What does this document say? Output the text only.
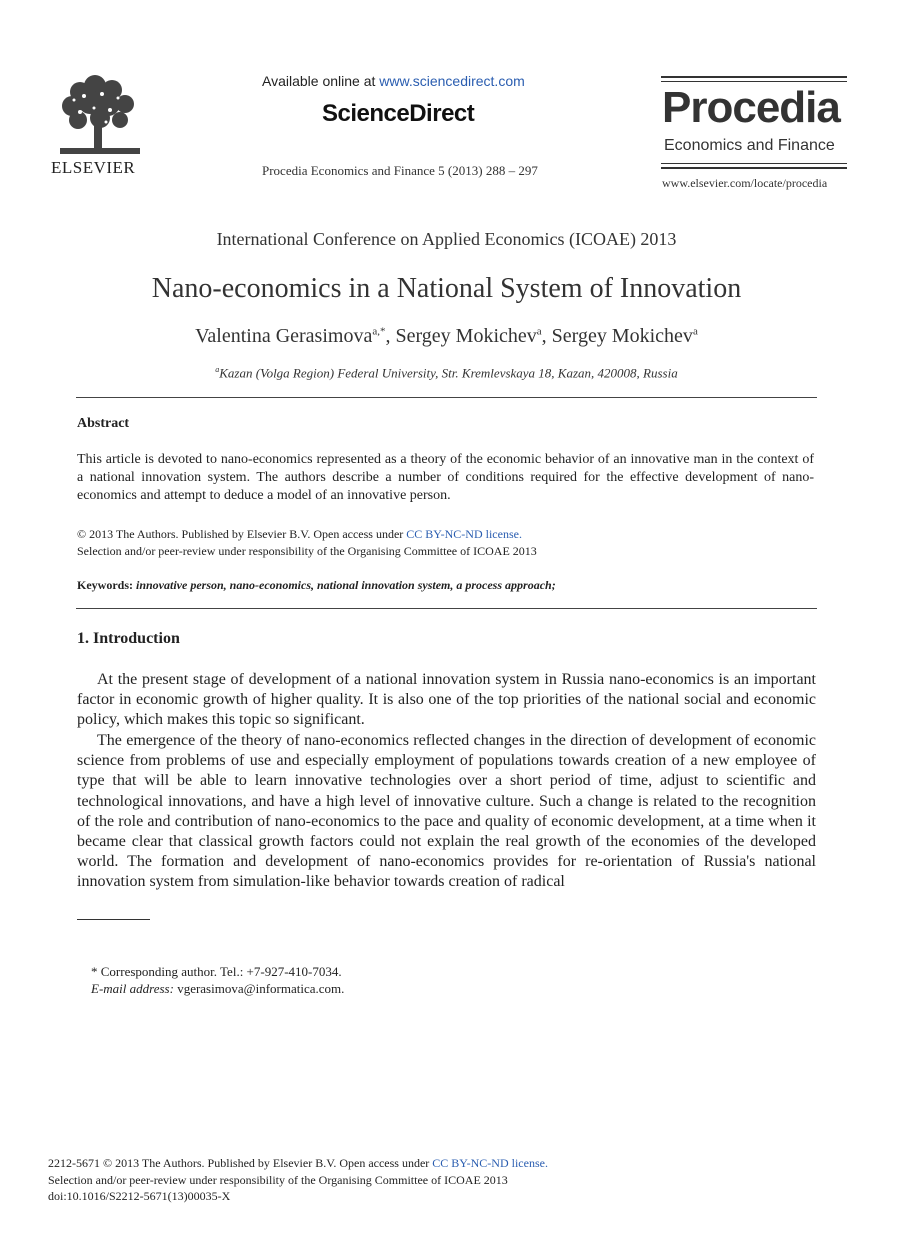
ELSEVIER
Available online at www.sciencedirect.com
ScienceDirect
Procedia Economics and Finance 5 (2013) 288 – 297
Procedia
Economics and Finance
www.elsevier.com/locate/procedia
International Conference on Applied Economics (ICOAE) 2013
Nano-economics in a National System of Innovation
Valentina Gerasimova$^{a,*}$, Sergey Mokichev$^a$, Sergey Mokichev$^a$
$^a$Kazan (Volga Region) Federal University, Str. Kremlevskaya 18, Kazan, 420008, Russia
Abstract
This article is devoted to nano-economics represented as a theory of the economic behavior of an innovative man in the context of a national innovation system. The authors describe a number of conditions required for the effective development of nano-economics and attempt to deduce a model of an innovative person.
© 2013 The Authors. Published by Elsevier B.V. Open access under CC BY-NC-ND license.
Selection and/or peer-review under responsibility of the Organising Committee of ICOAE 2013
Keywords: innovative person, nano-economics, national innovation system, a process approach;
1. Introduction
At the present stage of development of a national innovation system in Russia nano-economics is an important factor in economic growth of higher quality. It is also one of the top priorities of the national social and economic policy, which makes this topic so significant.
The emergence of the theory of nano-economics reflected changes in the direction of development of economic science from problems of use and especially employment of populations towards creation of a new employee of type that will be able to learn innovative technologies over a short period of time, adjust to scientific and technological innovations, and have a high level of innovative culture. Such a change is related to the recognition of the role and contribution of nano-economics to the pace and quality of economic development, at a time when it became clear that classical growth factors could not explain the real growth of the economies of the developed world. The formation and development of nano-economics provides for re-orientation of Russia's national innovation system from simulation-like behavior towards creation of radical
* Corresponding author. Tel.: +7-927-410-7034.
E-mail address: vgerasimova@informatica.com.
2212-5671 © 2013 The Authors. Published by Elsevier B.V. Open access under CC BY-NC-ND license.
Selection and/or peer-review under responsibility of the Organising Committee of ICOAE 2013
doi:10.1016/S2212-5671(13)00035-X
